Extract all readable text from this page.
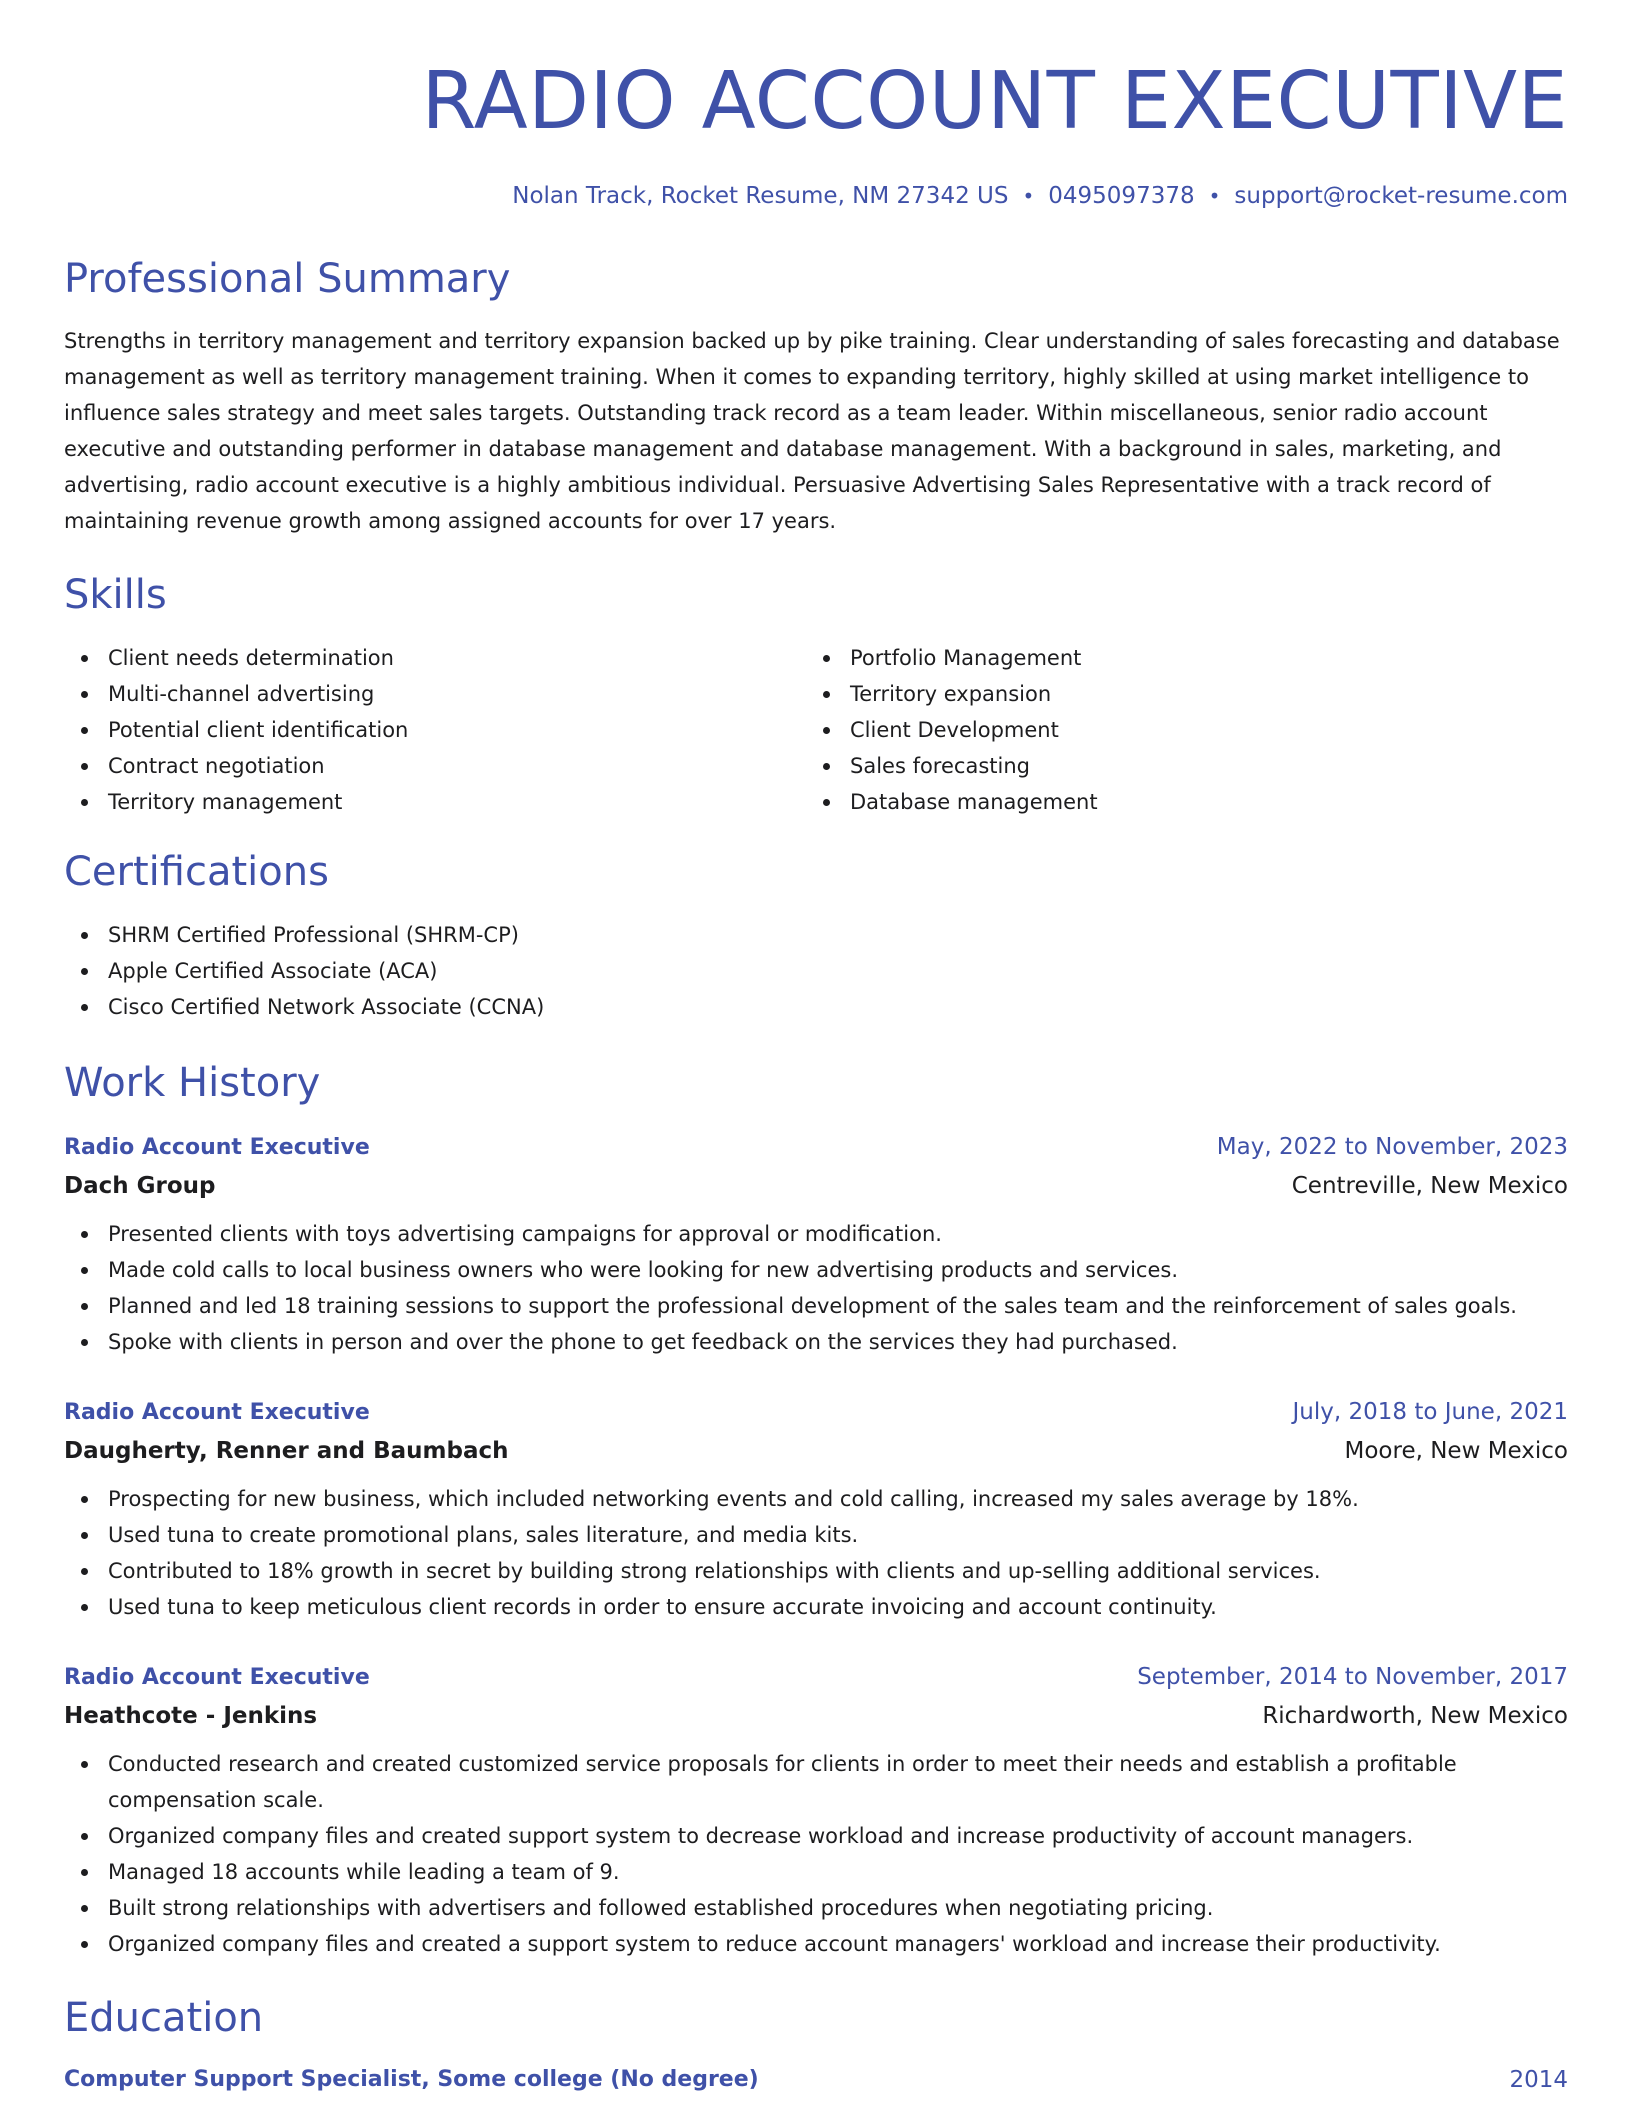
RADIO ACCOUNT EXECUTIVE
Nolan Track, Rocket Resume, NM 27342 US • 0495097378 • support@rocket-resume.com
Professional Summary

Strengths in territory management and territory expansion backed up by pike training. Clear understanding of sales forecasting and database management as well as territory management training. When it comes to expanding territory, highly skilled at using market intelligence to influence sales strategy and meet sales targets. Outstanding track record as a team leader. Within miscellaneous, senior radio account executive and outstanding performer in database management and database management. With a background in sales, marketing, and advertising, radio account executive is a highly ambitious individual. Persuasive Advertising Sales Representative with a track record of maintaining revenue growth among assigned accounts for over 17 years.

Skills
Client needs determination
Multi-channel advertising
Potential client identification
Contract negotiation
Territory management
Portfolio Management
Territory expansion
Client Development
Sales forecasting
Database management
Certifications
SHRM Certified Professional (SHRM-CP)
Apple Certified Associate (ACA)
Cisco Certified Network Associate (CCNA)
Work History
Radio Account Executive	May, 2022 to November, 2023
Dach Group	Centreville, New Mexico
Presented clients with toys advertising campaigns for approval or modification.
Made cold calls to local business owners who were looking for new advertising products and services.
Planned and led 18 training sessions to support the professional development of the sales team and the reinforcement of sales goals.
Spoke with clients in person and over the phone to get feedback on the services they had purchased.
Radio Account Executive	July, 2018 to June, 2021
Daugherty, Renner and Baumbach	Moore, New Mexico
Prospecting for new business, which included networking events and cold calling, increased my sales average by 18%.
Used tuna to create promotional plans, sales literature, and media kits.
Contributed to 18% growth in secret by building strong relationships with clients and up-selling additional services.
Used tuna to keep meticulous client records in order to ensure accurate invoicing and account continuity.
Radio Account Executive	September, 2014 to November, 2017
Heathcote - Jenkins	Richardworth, New Mexico
Conducted research and created customized service proposals for clients in order to meet their needs and establish a profitable compensation scale.
Organized company files and created support system to decrease workload and increase productivity of account managers.
Managed 18 accounts while leading a team of 9.
Built strong relationships with advertisers and followed established procedures when negotiating pricing.
Organized company files and created a support system to reduce account managers' workload and increase their productivity.
Education
Computer Support Specialist, Some college (No degree)	2014
